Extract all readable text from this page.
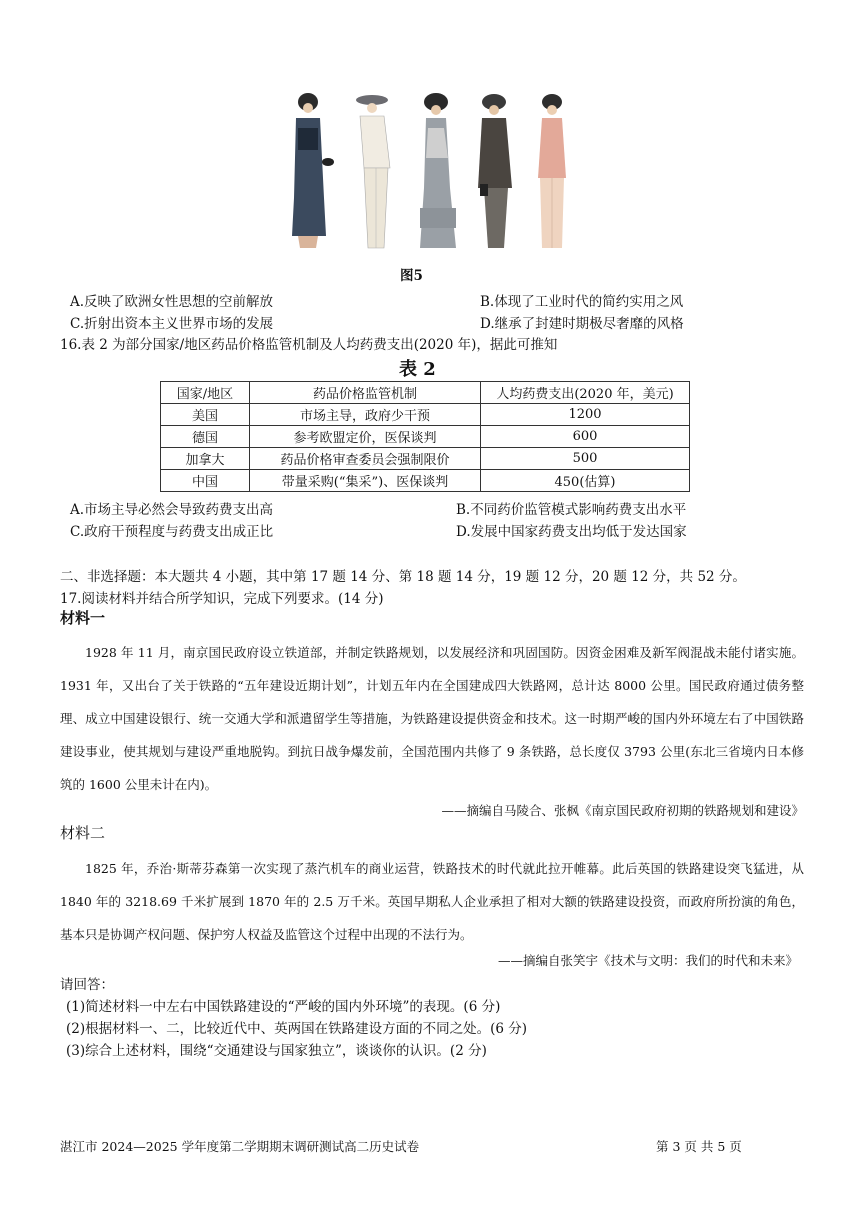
图5
A.反映了欧洲女性思想的空前解放	B.体现了工业时代的简约实用之风
C.折射出资本主义世界市场的发展	D.继承了封建时期极尽奢靡的风格
16.表 2 为部分国家/地区药品价格监管机制及人均药费支出(2020 年)，据此可推知
表 2
国家/地区	药品价格监管机制	人均药费支出(2020 年，美元)
美国	市场主导，政府少干预	1200
德国	参考欧盟定价，医保谈判	600
加拿大	药品价格审查委员会强制限价	500
中国	带量采购(“集采”)、医保谈判	450(估算)
A.市场主导必然会导致药费支出高	B.不同药价监管模式影响药费支出水平
C.政府干预程度与药费支出成正比	D.发展中国家药费支出均低于发达国家
二、非选择题：本大题共 4 小题，其中第 17 题 14 分、第 18 题 14 分，19 题 12 分，20 题 12 分，共 52 分。
17.阅读材料并结合所学知识，完成下列要求。(14 分)
材料一

1928 年 11 月，南京国民政府设立铁道部，并制定铁路规划，以发展经济和巩固国防。因资金困难及新军阀混战未能付诸实施。1931 年，又出台了关于铁路的“五年建设近期计划”，计划五年内在全国建成四大铁路网，总计达 8000 公里。国民政府通过债务整理、成立中国建设银行、统一交通大学和派遣留学生等措施，为铁路建设提供资金和技术。这一时期严峻的国内外环境左右了中国铁路建设事业，使其规划与建设严重地脱钩。到抗日战争爆发前，全国范围内共修了 9 条铁路，总长度仅 3793 公里(东北三省境内日本修筑的 1600 公里未计在内)。

——摘编自马陵合、张枫《南京国民政府初期的铁路规划和建设》
材料二

1825 年，乔治·斯蒂芬森第一次实现了蒸汽机车的商业运营，铁路技术的时代就此拉开帷幕。此后英国的铁路建设突飞猛进，从 1840 年的 3218.69 千米扩展到 1870 年的 2.5 万千米。英国早期私人企业承担了相对大额的铁路建设投资，而政府所扮演的角色，基本只是协调产权问题、保护穷人权益及监管这个过程中出现的不法行为。

——摘编自张笑宇《技术与文明：我们的时代和未来》
请回答：
(1)简述材料一中左右中国铁路建设的“严峻的国内外环境”的表现。(6 分)
(2)根据材料一、二，比较近代中、英两国在铁路建设方面的不同之处。(6 分)
(3)综合上述材料，围绕“交通建设与国家独立”，谈谈你的认识。(2 分)
湛江市 2024—2025 学年度第二学期期末调研测试高二历史试卷	第 3 页 共 5 页
